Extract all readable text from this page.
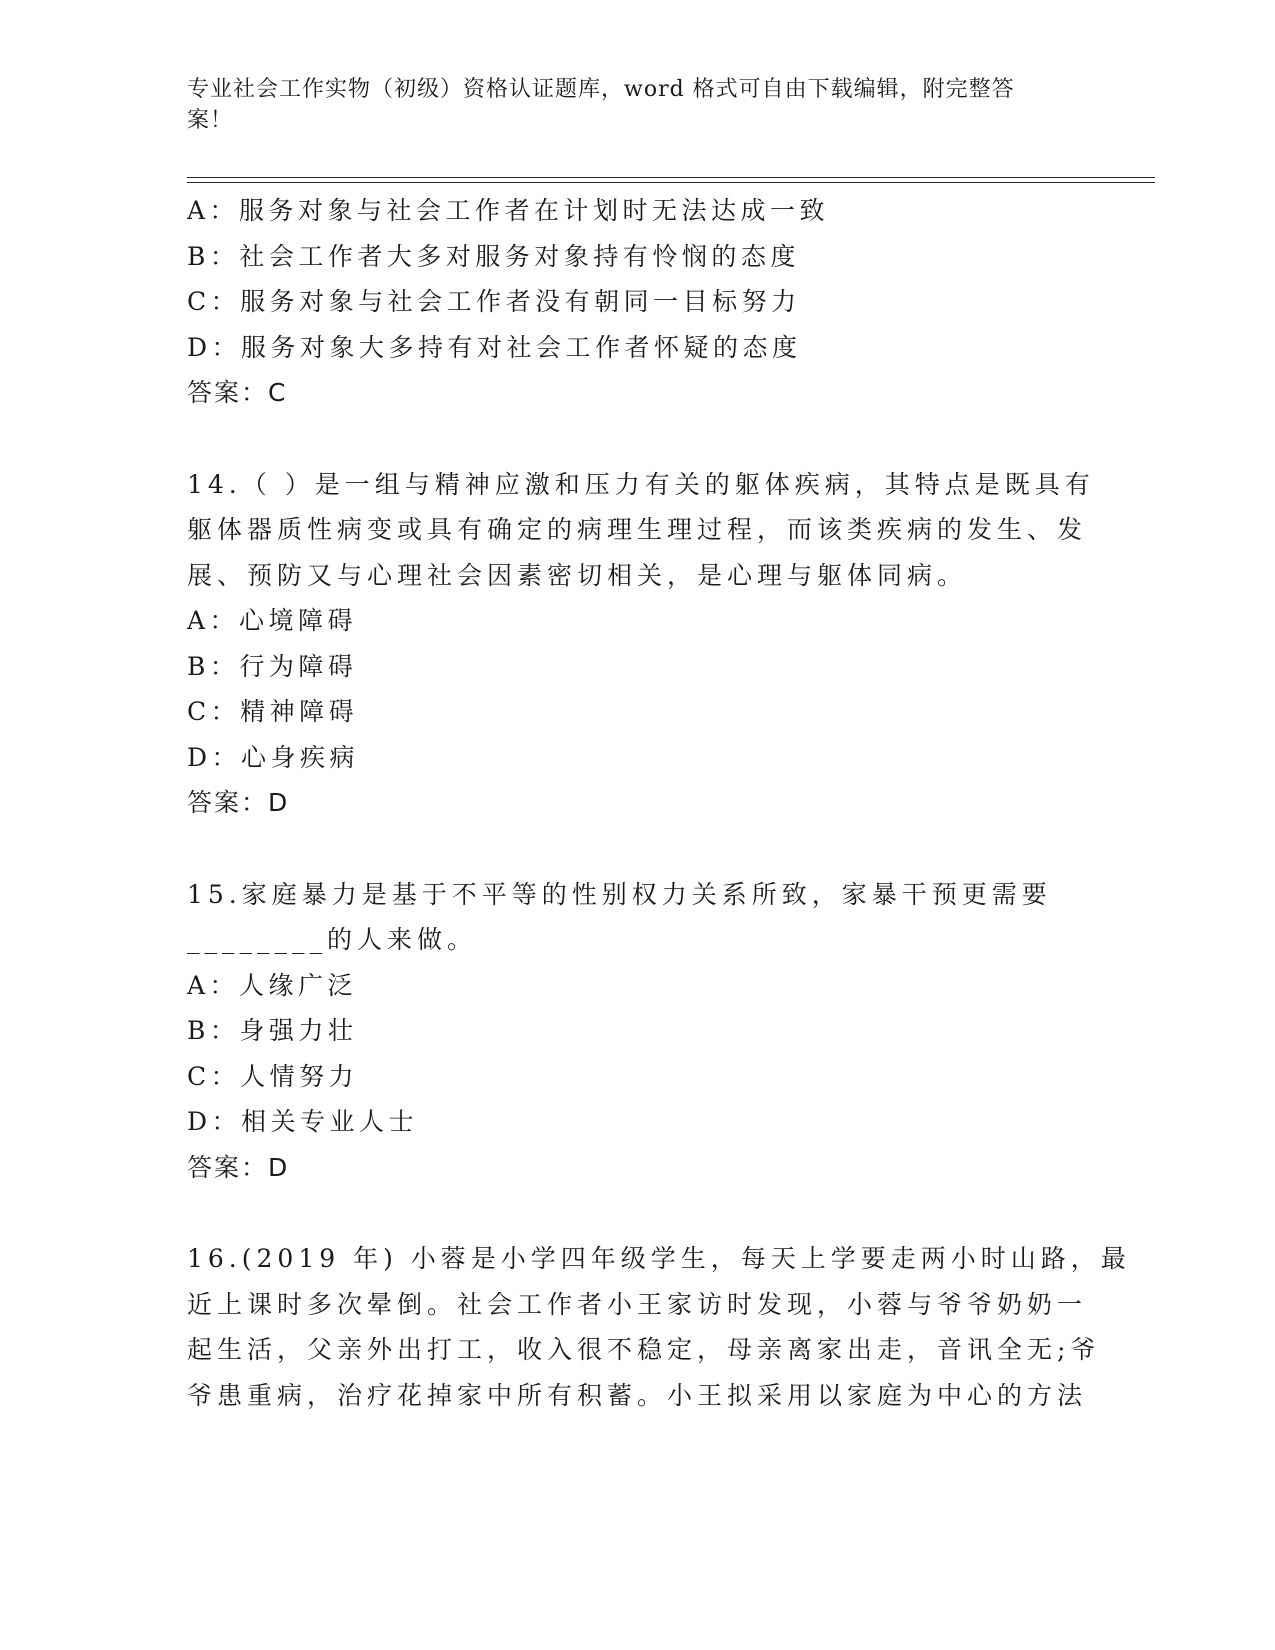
专业社会工作实物（初级）资格认证题库，word 格式可自由下载编辑，附完整答
案！
A：服务对象与社会工作者在计划时无法达成一致
B：社会工作者大多对服务对象持有怜悯的态度
C：服务对象与社会工作者没有朝同一目标努力
D：服务对象大多持有对社会工作者怀疑的态度
答案：C
14.（ ）是一组与精神应激和压力有关的躯体疾病，其特点是既具有
躯体器质性病变或具有确定的病理生理过程，而该类疾病的发生、发
展、预防又与心理社会因素密切相关，是心理与躯体同病。
A：心境障碍
B：行为障碍
C：精神障碍
D：心身疾病
答案：D
15.家庭暴力是基于不平等的性别权力关系所致，家暴干预更需要
________的人来做。
A：人缘广泛
B：身强力壮
C：人情努力
D：相关专业人士
答案：D
16.(2019 年) 小蓉是小学四年级学生，每天上学要走两小时山路，最
近上课时多次晕倒。社会工作者小王家访时发现，小蓉与爷爷奶奶一
起生活，父亲外出打工，收入很不稳定，母亲离家出走，音讯全无;爷
爷患重病，治疗花掉家中所有积蓄。小王拟采用以家庭为中心的方法
